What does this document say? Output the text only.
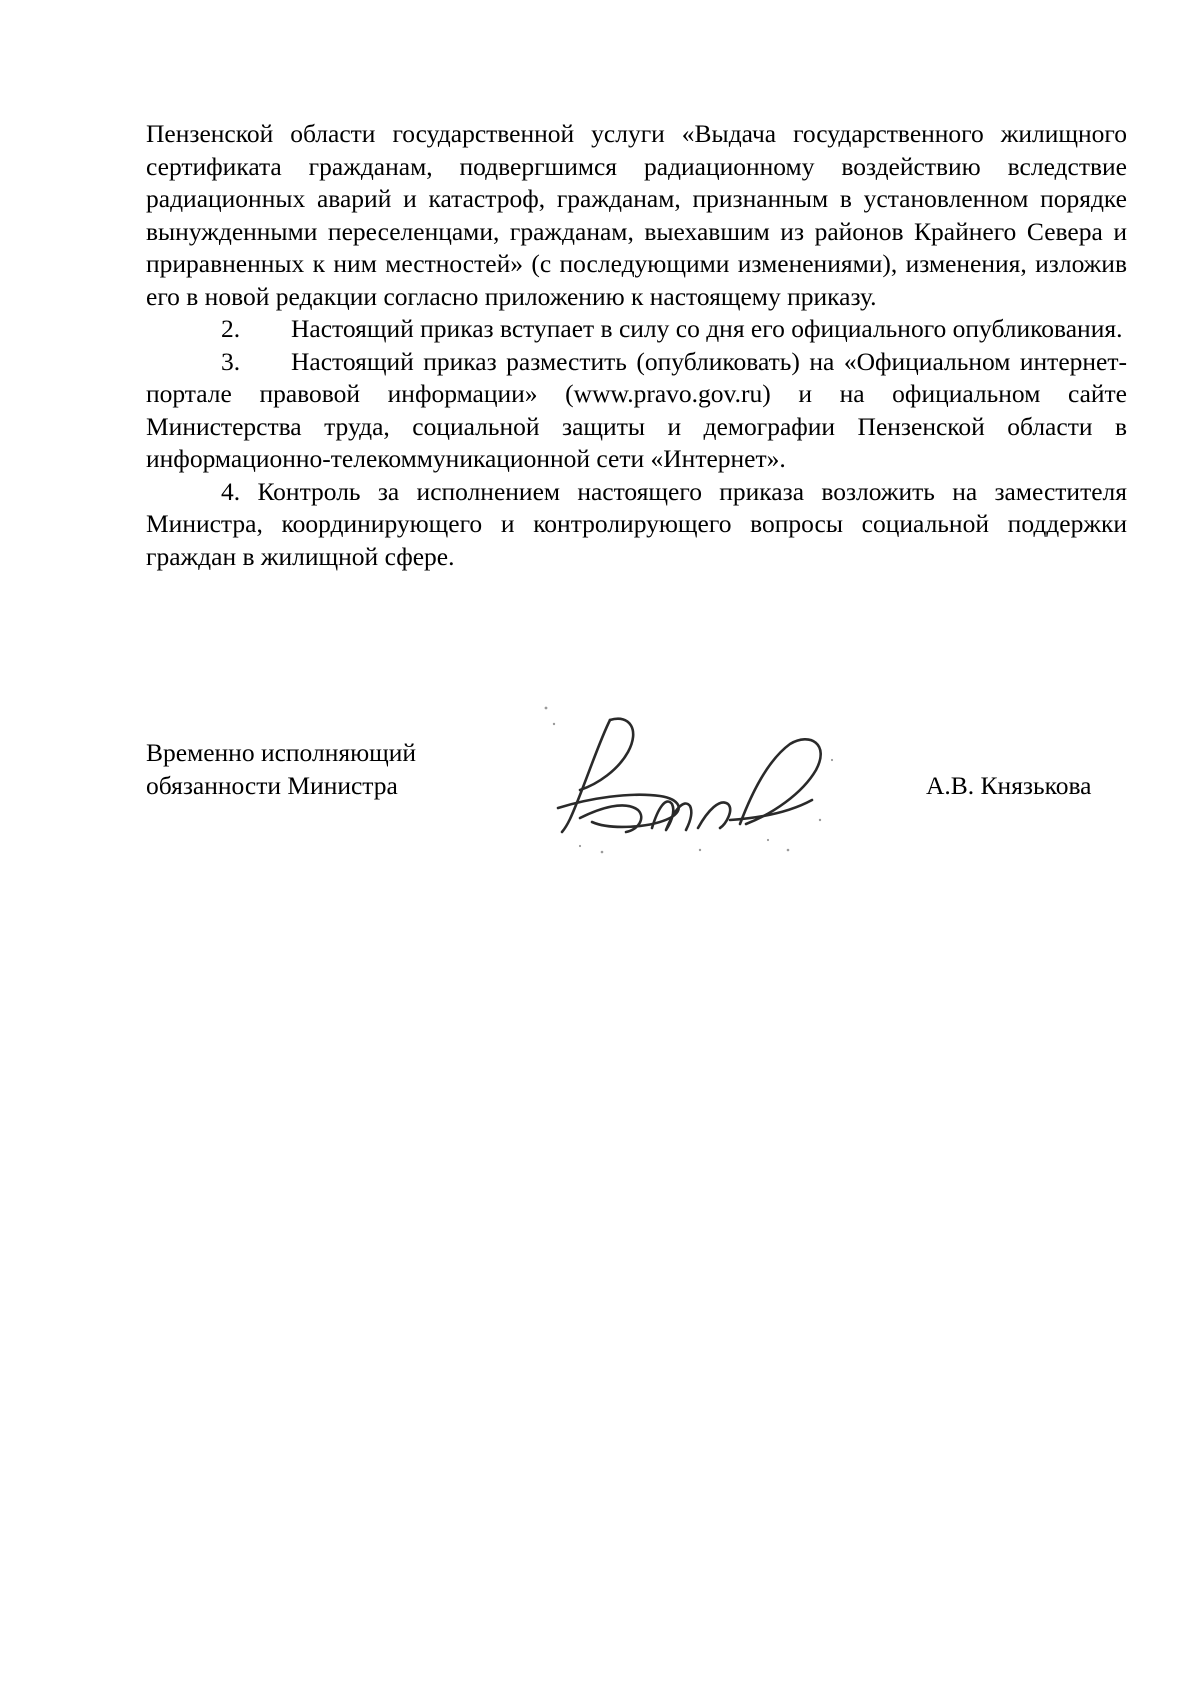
Пензенской области государственной услуги «Выдача государственного жилищного сертификата гражданам, подвергшимся радиационному воздействию вследствие радиационных аварий и катастроф, гражданам, признанным в установленном порядке вынужденными переселенцами, гражданам, выехавшим из районов Крайнего Севера и приравненных к ним местностей» (с последующими изменениями), изменения, изложив его в новой редакции согласно приложению к настоящему приказу.

2. Настоящий приказ вступает в силу со дня его официального опубликования.

3. Настоящий приказ разместить (опубликовать) на «Официальном интернет-портале правовой информации» (www.pravo.gov.ru) и на официальном сайте Министерства труда, социальной защиты и демографии Пензенской области в информационно-телекоммуникационной сети «Интернет».

4. Контроль за исполнением настоящего приказа возложить на заместителя Министра, координирующего и контролирующего вопросы социальной поддержки граждан в жилищной сфере.

Временно исполняющий
обязанности Министра	А.В. Князькова
